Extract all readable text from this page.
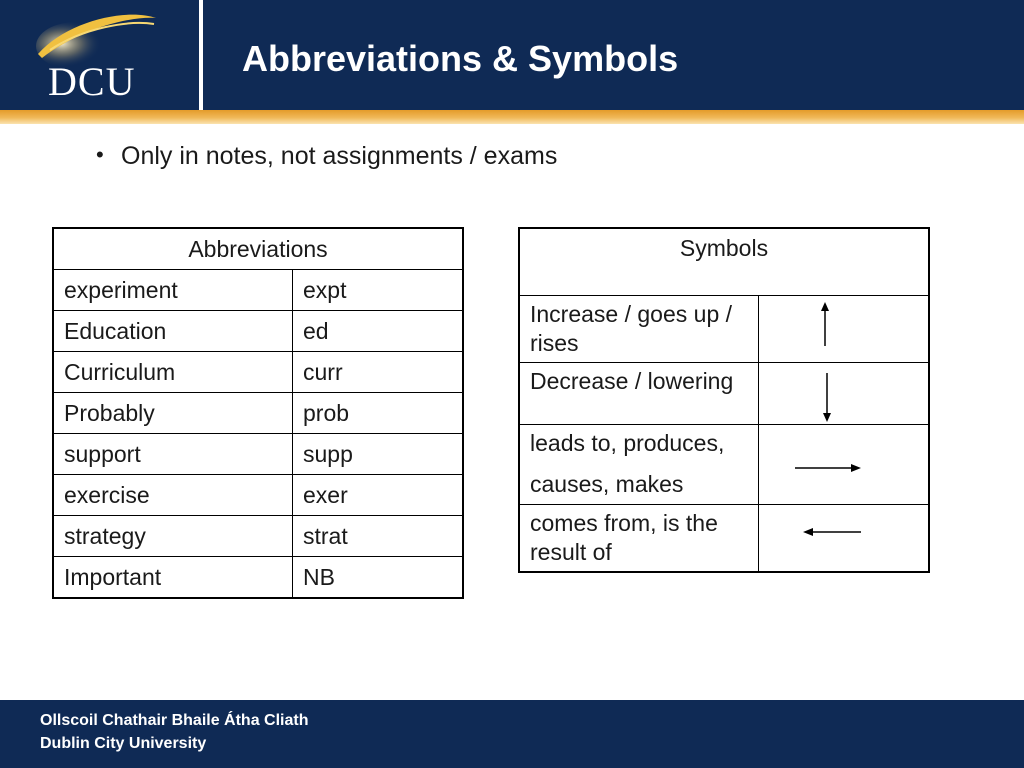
DCU
Abbreviations & Symbols
• Only in notes, not assignments / exams
Abbreviations	
experiment	expt
Education	ed
Curriculum	curr
Probably	prob
support	supp
exercise	exer
strategy	strat
Important	NB
Symbols	
Increase / goes up / rises	

Decrease / lowering	

leads to, produces,
causes, makes

comes from, is the result of	
Ollscoil Chathair Bhaile Átha Cliath
Dublin City University
